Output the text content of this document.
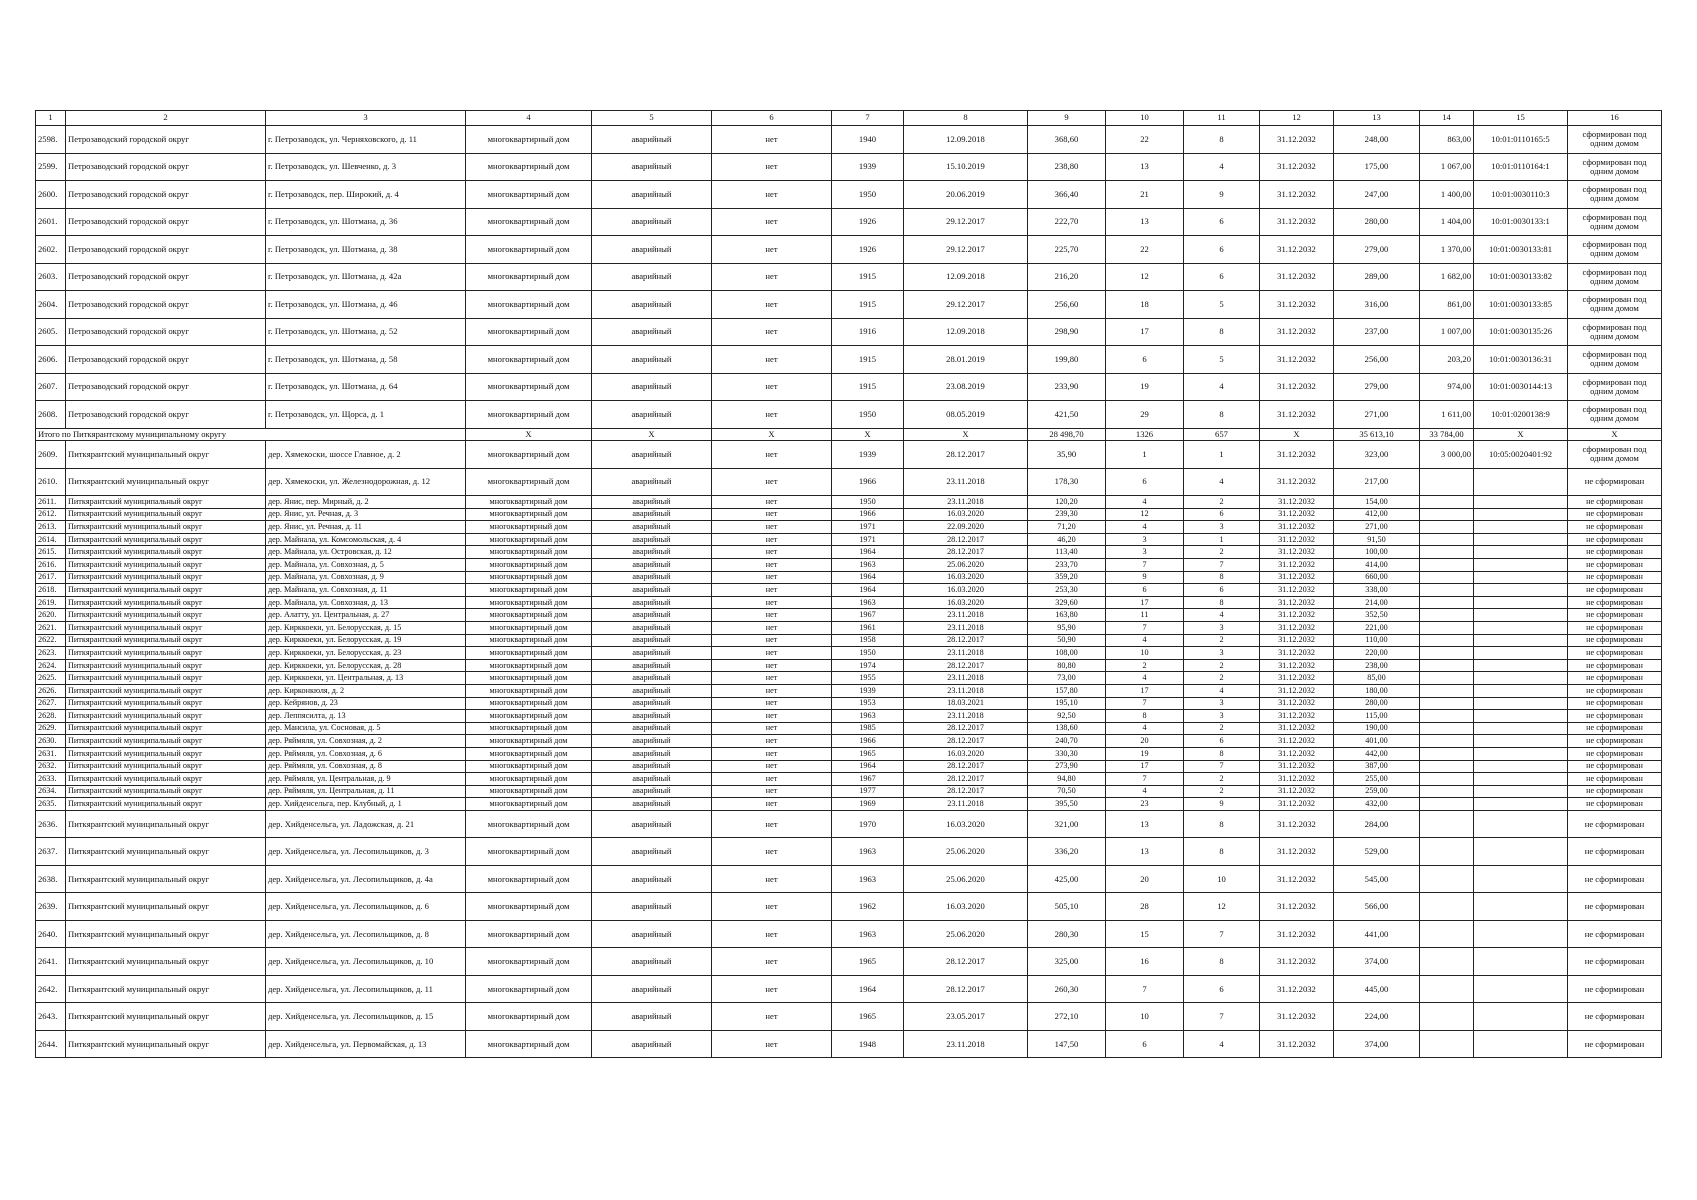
1	2	3	4	5	6	7	8	9	10	11	12	13	14	15	16
2598.	Петрозаводский городской округ	г. Петрозаводск, ул. Черняховского, д. 11	многоквартирный дом	аварийный	нет	1940	12.09.2018	368,60	22	8	31.12.2032	248,00	863,00	10:01:0110165:5	сформирован под одним домом
2599.	Петрозаводский городской округ	г. Петрозаводск, ул. Шевченко, д. 3	многоквартирный дом	аварийный	нет	1939	15.10.2019	238,80	13	4	31.12.2032	175,00	1 067,00	10:01:0110164:1	сформирован под одним домом
2600.	Петрозаводский городской округ	г. Петрозаводск, пер. Широкий, д. 4	многоквартирный дом	аварийный	нет	1950	20.06.2019	366,40	21	9	31.12.2032	247,00	1 400,00	10:01:0030110:3	сформирован под одним домом
2601.	Петрозаводский городской округ	г. Петрозаводск, ул. Шотмана, д. 36	многоквартирный дом	аварийный	нет	1926	29.12.2017	222,70	13	6	31.12.2032	280,00	1 404,00	10:01:0030133:1	сформирован под одним домом
2602.	Петрозаводский городской округ	г. Петрозаводск, ул. Шотмана, д. 38	многоквартирный дом	аварийный	нет	1926	29.12.2017	225,70	22	6	31.12.2032	279,00	1 370,00	10:01:0030133:81	сформирован под одним домом
2603.	Петрозаводский городской округ	г. Петрозаводск, ул. Шотмана, д. 42а	многоквартирный дом	аварийный	нет	1915	12.09.2018	216,20	12	6	31.12.2032	289,00	1 682,00	10:01:0030133:82	сформирован под одним домом
2604.	Петрозаводский городской округ	г. Петрозаводск, ул. Шотмана, д. 46	многоквартирный дом	аварийный	нет	1915	29.12.2017	256,60	18	5	31.12.2032	316,00	861,00	10:01:0030133:85	сформирован под одним домом
2605.	Петрозаводский городской округ	г. Петрозаводск, ул. Шотмана, д. 52	многоквартирный дом	аварийный	нет	1916	12.09.2018	298,90	17	8	31.12.2032	237,00	1 007,00	10:01:0030135:26	сформирован под одним домом
2606.	Петрозаводский городской округ	г. Петрозаводск, ул. Шотмана, д. 58	многоквартирный дом	аварийный	нет	1915	28.01.2019	199,80	6	5	31.12.2032	256,00	203,20	10:01:0030136:31	сформирован под одним домом
2607.	Петрозаводский городской округ	г. Петрозаводск, ул. Шотмана, д. 64	многоквартирный дом	аварийный	нет	1915	23.08.2019	233,90	19	4	31.12.2032	279,00	974,00	10:01:0030144:13	сформирован под одним домом
2608.	Петрозаводский городской округ	г. Петрозаводск, ул. Щорса, д. 1	многоквартирный дом	аварийный	нет	1950	08.05.2019	421,50	29	8	31.12.2032	271,00	1 611,00	10:01:0200138:9	сформирован под одним домом
Итого по Питкярантскому муниципальному округу			X	X	X	X	X	28 498,70	1326	657	X	35 613,10	33 784,00	X	X
2609.	Питкярантский муниципальный округ	дер. Хямекоски, шоссе Главное, д. 2	многоквартирный дом	аварийный	нет	1939	28.12.2017	35,90	1	1	31.12.2032	323,00	3 000,00	10:05:0020401:92	сформирован под одним домом
2610.	Питкярантский муниципальный округ	дер. Хямекоски, ул. Железнодорожная, д. 12	многоквартирный дом	аварийный	нет	1966	23.11.2018	178,30	6	4	31.12.2032	217,00			не сформирован
2611.	Питкярантский муниципальный округ	дер. Янис, пер. Мирный, д. 2	многоквартирный дом	аварийный	нет	1950	23.11.2018	120,20	4	2	31.12.2032	154,00			не сформирован
2612.	Питкярантский муниципальный округ	дер. Янис, ул. Речная, д. 3	многоквартирный дом	аварийный	нет	1966	16.03.2020	239,30	12	6	31.12.2032	412,00			не сформирован
2613.	Питкярантский муниципальный округ	дер. Янис, ул. Речная, д. 11	многоквартирный дом	аварийный	нет	1971	22.09.2020	71,20	4	3	31.12.2032	271,00			не сформирован
2614.	Питкярантский муниципальный округ	дер. Майнала, ул. Комсомольская, д. 4	многоквартирный дом	аварийный	нет	1971	28.12.2017	46,20	3	1	31.12.2032	91,50			не сформирован
2615.	Питкярантский муниципальный округ	дер. Майнала, ул. Островская, д. 12	многоквартирный дом	аварийный	нет	1964	28.12.2017	113,40	3	2	31.12.2032	100,00			не сформирован
2616.	Питкярантский муниципальный округ	дер. Майнала, ул. Совхозная, д. 5	многоквартирный дом	аварийный	нет	1963	25.06.2020	233,70	7	7	31.12.2032	414,00			не сформирован
2617.	Питкярантский муниципальный округ	дер. Майнала, ул. Совхозная, д. 9	многоквартирный дом	аварийный	нет	1964	16.03.2020	359,20	9	8	31.12.2032	660,00			не сформирован
2618.	Питкярантский муниципальный округ	дер. Майнала, ул. Совхозная, д. 11	многоквартирный дом	аварийный	нет	1964	16.03.2020	253,30	6	6	31.12.2032	338,00			не сформирован
2619.	Питкярантский муниципальный округ	дер. Майнала, ул. Совхозная, д. 13	многоквартирный дом	аварийный	нет	1963	16.03.2020	329,60	17	8	31.12.2032	214,00			не сформирован
2620.	Питкярантский муниципальный округ	дер. Алатту, ул. Центральная, д. 27	многоквартирный дом	аварийный	нет	1967	23.11.2018	163,80	11	4	31.12.2032	352,50			не сформирован
2621.	Питкярантский муниципальный округ	дер. Кирккоеки, ул. Белорусская, д. 15	многоквартирный дом	аварийный	нет	1961	23.11.2018	95,90	7	3	31.12.2032	221,00			не сформирован
2622.	Питкярантский муниципальный округ	дер. Кирккоеки, ул. Белорусская, д. 19	многоквартирный дом	аварийный	нет	1958	28.12.2017	50,90	4	2	31.12.2032	110,00			не сформирован
2623.	Питкярантский муниципальный округ	дер. Кирккоеки, ул. Белорусская, д. 23	многоквартирный дом	аварийный	нет	1950	23.11.2018	108,00	10	3	31.12.2032	220,00			не сформирован
2624.	Питкярантский муниципальный округ	дер. Кирккоеки, ул. Белорусская, д. 28	многоквартирный дом	аварийный	нет	1974	28.12.2017	80,80	2	2	31.12.2032	238,00			не сформирован
2625.	Питкярантский муниципальный округ	дер. Кирккоеки, ул. Центральная, д. 13	многоквартирный дом	аварийный	нет	1955	23.11.2018	73,00	4	2	31.12.2032	85,00			не сформирован
2626.	Питкярантский муниципальный округ	дер. Кирконкюля, д. 2	многоквартирный дом	аварийный	нет	1939	23.11.2018	157,80	17	4	31.12.2032	180,00			не сформирован
2627.	Питкярантский муниципальный округ	дер. Кейрянов, д. 23	многоквартирный дом	аварийный	нет	1953	18.03.2021	195,10	7	3	31.12.2032	280,00			не сформирован
2628.	Питкярантский муниципальный округ	дер. Леппясилта, д. 13	многоквартирный дом	аварийный	нет	1963	23.11.2018	92,50	8	3	31.12.2032	115,00			не сформирован
2629.	Питкярантский муниципальный округ	дер. Мансила, ул. Сосновая, д. 5	многоквартирный дом	аварийный	нет	1985	28.12.2017	138,60	4	2	31.12.2032	190,00			не сформирован
2630.	Питкярантский муниципальный округ	дер. Ряймяля, ул. Совхозная, д. 2	многоквартирный дом	аварийный	нет	1966	28.12.2017	240,70	20	6	31.12.2032	401,00			не сформирован
2631.	Питкярантский муниципальный округ	дер. Ряймяля, ул. Совхозная, д. 6	многоквартирный дом	аварийный	нет	1965	16.03.2020	330,30	19	8	31.12.2032	442,00			не сформирован
2632.	Питкярантский муниципальный округ	дер. Ряймяля, ул. Совхозная, д. 8	многоквартирный дом	аварийный	нет	1964	28.12.2017	273,90	17	7	31.12.2032	387,00			не сформирован
2633.	Питкярантский муниципальный округ	дер. Ряймяля, ул. Центральная, д. 9	многоквартирный дом	аварийный	нет	1967	28.12.2017	94,80	7	2	31.12.2032	255,00			не сформирован
2634.	Питкярантский муниципальный округ	дер. Ряймяля, ул. Центральная, д. 11	многоквартирный дом	аварийный	нет	1977	28.12.2017	70,50	4	2	31.12.2032	259,00			не сформирован
2635.	Питкярантский муниципальный округ	дер. Хийденсельга, пер. Клубный, д. 1	многоквартирный дом	аварийный	нет	1969	23.11.2018	395,50	23	9	31.12.2032	432,00			не сформирован
2636.	Питкярантский муниципальный округ	дер. Хийденсельга, ул. Ладожская, д. 21	многоквартирный дом	аварийный	нет	1970	16.03.2020	321,00	13	8	31.12.2032	284,00			не сформирован
2637.	Питкярантский муниципальный округ	дер. Хийденсельга, ул. Лесопильщиков, д. 3	многоквартирный дом	аварийный	нет	1963	25.06.2020	336,20	13	8	31.12.2032	529,00			не сформирован
2638.	Питкярантский муниципальный округ	дер. Хийденсельга, ул. Лесопильщиков, д. 4а	многоквартирный дом	аварийный	нет	1963	25.06.2020	425,00	20	10	31.12.2032	545,00			не сформирован
2639.	Питкярантский муниципальный округ	дер. Хийденсельга, ул. Лесопильщиков, д. 6	многоквартирный дом	аварийный	нет	1962	16.03.2020	505,10	28	12	31.12.2032	566,00			не сформирован
2640.	Питкярантский муниципальный округ	дер. Хийденсельга, ул. Лесопильщиков, д. 8	многоквартирный дом	аварийный	нет	1963	25.06.2020	280,30	15	7	31.12.2032	441,00			не сформирован
2641.	Питкярантский муниципальный округ	дер. Хийденсельга, ул. Лесопильщиков, д. 10	многоквартирный дом	аварийный	нет	1965	28.12.2017	325,00	16	8	31.12.2032	374,00			не сформирован
2642.	Питкярантский муниципальный округ	дер. Хийденсельга, ул. Лесопильщиков, д. 11	многоквартирный дом	аварийный	нет	1964	28.12.2017	260,30	7	6	31.12.2032	445,00			не сформирован
2643.	Питкярантский муниципальный округ	дер. Хийденсельга, ул. Лесопильщиков, д. 15	многоквартирный дом	аварийный	нет	1965	23.05.2017	272,10	10	7	31.12.2032	224,00			не сформирован
2644.	Питкярантский муниципальный округ	дер. Хийденсельга, ул. Первомайская, д. 13	многоквартирный дом	аварийный	нет	1948	23.11.2018	147,50	6	4	31.12.2032	374,00			не сформирован
